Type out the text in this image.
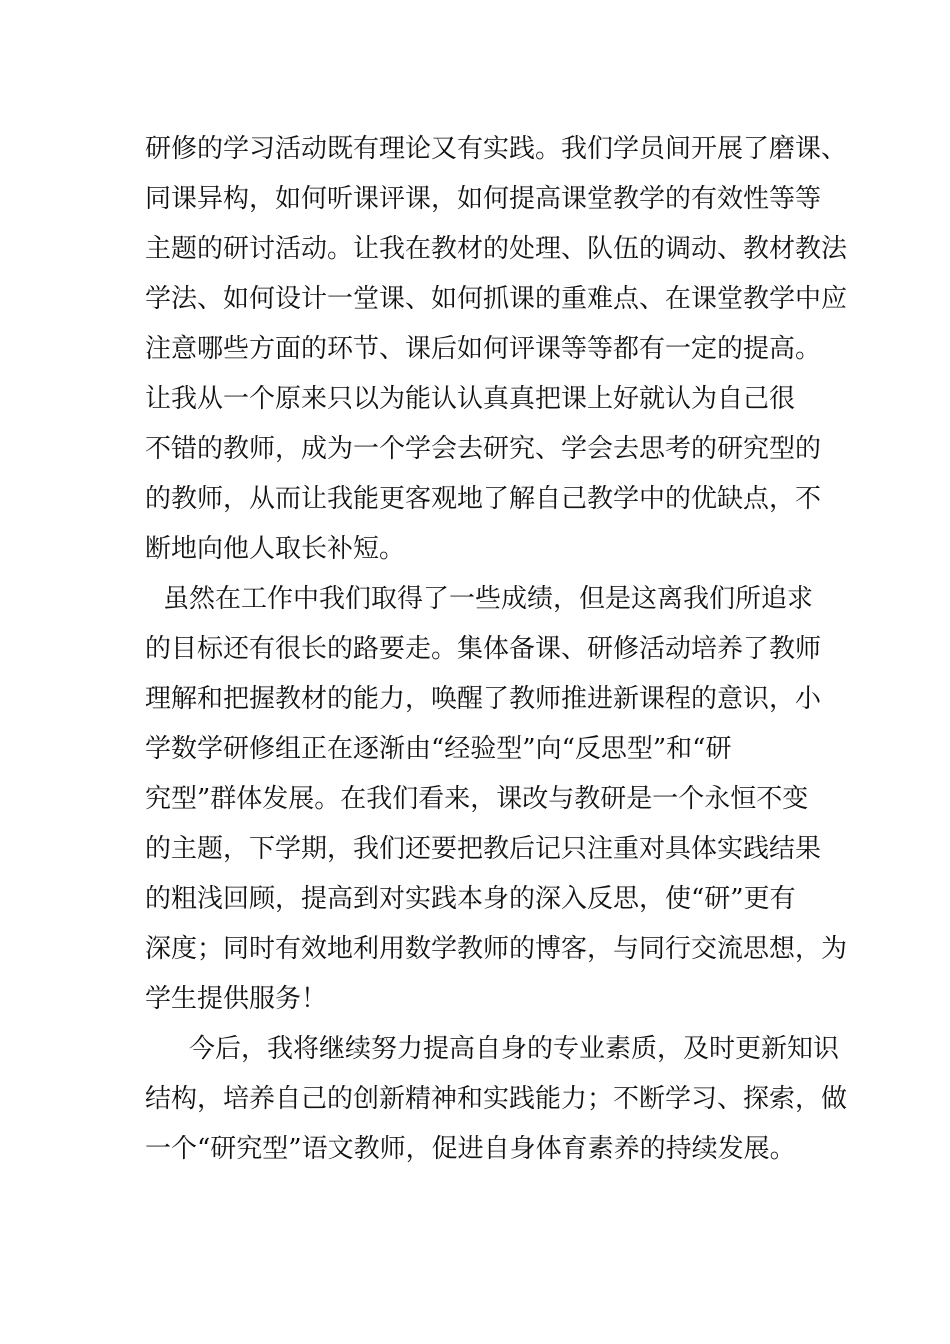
研修的学习活动既有理论又有实践。我们学员间开展了磨课、
同课异构，如何听课评课，如何提高课堂教学的有效性等等
主题的研讨活动。让我在教材的处理、队伍的调动、教材教法
学法、如何设计一堂课、如何抓课的重难点、在课堂教学中应
注意哪些方面的环节、课后如何评课等等都有一定的提高。
让我从一个原来只以为能认认真真把课上好就认为自己很
不错的教师，成为一个学会去研究、学会去思考的研究型的
的教师，从而让我能更客观地了解自己教学中的优缺点，不
断地向他人取长补短。
虽然在工作中我们取得了一些成绩，但是这离我们所追求
的目标还有很长的路要走。集体备课、研修活动培养了教师
理解和把握教材的能力，唤醒了教师推进新课程的意识，小
学数学研修组正在逐渐由“经验型”向“反思型”和“研
究型”群体发展。在我们看来，课改与教研是一个永恒不变
的主题，下学期，我们还要把教后记只注重对具体实践结果
的粗浅回顾，提高到对实践本身的深入反思，使“研”更有
深度；同时有效地利用数学教师的博客，与同行交流思想，为
学生提供服务！
今后，我将继续努力提高自身的专业素质，及时更新知识
结构，培养自己的创新精神和实践能力；不断学习、探索，做
一个“研究型”语文教师，促进自身体育素养的持续发展。
